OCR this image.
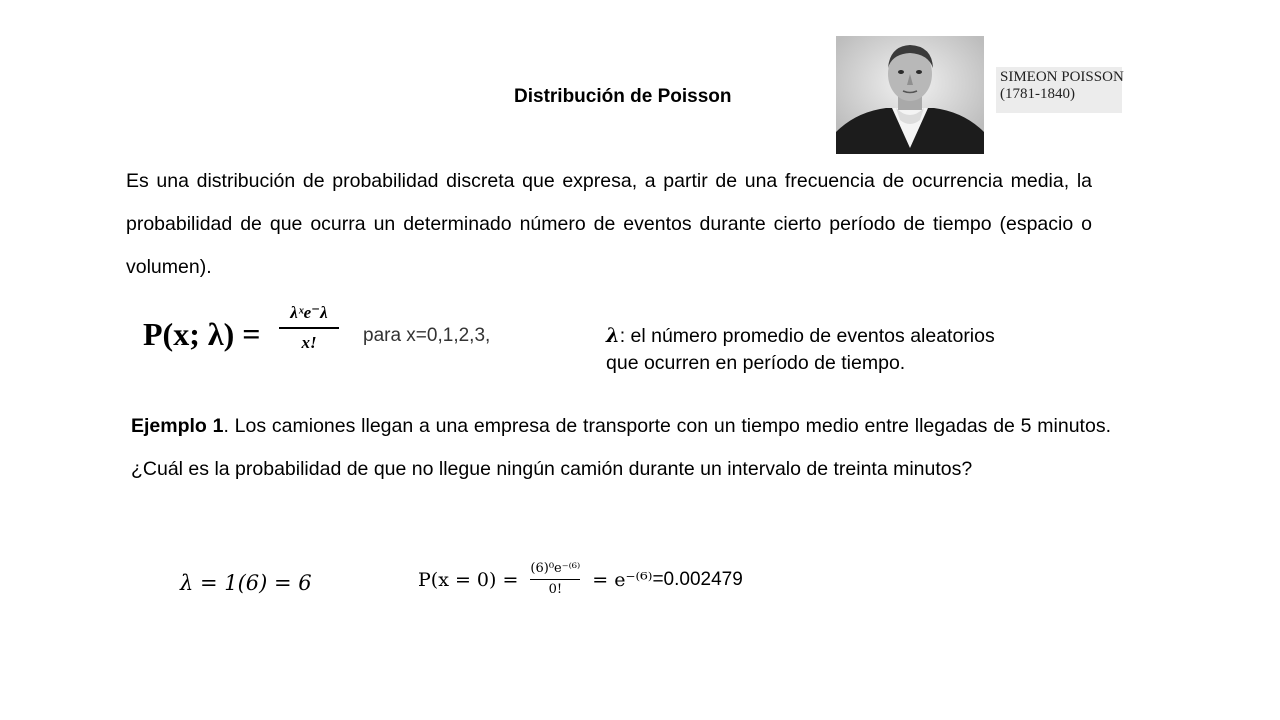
Distribución de Poisson
SIMEON POISSON
(1781-1840)
Es una distribución de probabilidad discreta que expresa, a partir de una frecuencia de ocurrencia media, la probabilidad de que ocurra un determinado número de eventos durante cierto período de tiempo (espacio o volumen).
P(x; λ) =
λˣe⁻λ
x!	para x=0,1,2,3,	λ: el número promedio de eventos aleatorios
que ocurren en período de tiempo.
Ejemplo 1. Los camiones llegan a una empresa de transporte con un tiempo medio entre llegadas de 5 minutos. ¿Cuál es la probabilidad de que no llegue ningún camión durante un intervalo de treinta minutos?
λ = 1(6) = 6	$P(x = 0) = \frac{\text{(6)⁰e⁻⁽⁶⁾}}{0!} = e^{-(6)}=0.002479$
